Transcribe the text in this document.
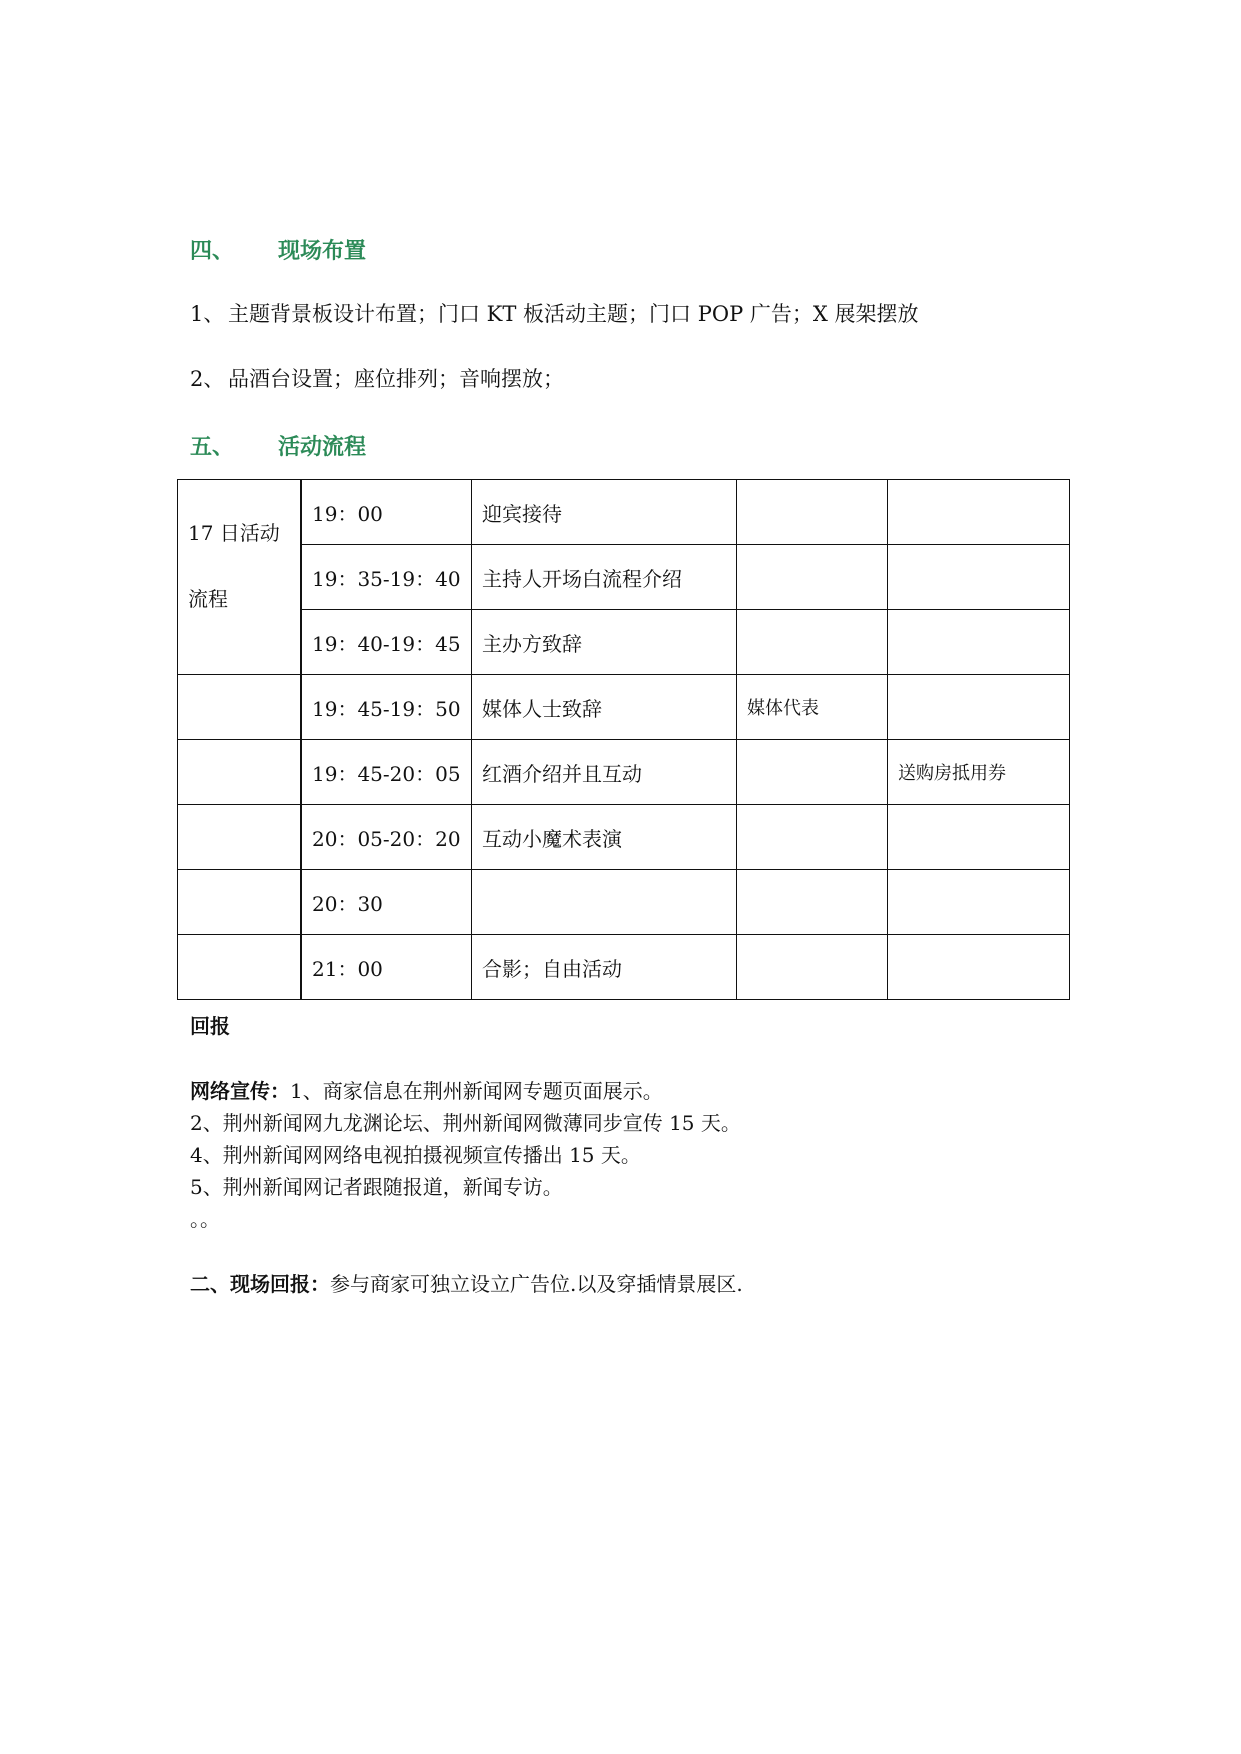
四、 现场布置
1、 主题背景板设计布置；门口 KT 板活动主题；门口 POP 广告；X 展架摆放
2、 品酒台设置；座位排列；音响摆放；
五、 活动流程
17 日活动流程	19：00	迎宾接待		
	19：35-19：40	主持人开场白流程介绍		
	19：40-19：45	主办方致辞		
	19：45-19：50	媒体人士致辞	媒体代表	
	19：45-20：05	红酒介绍并且互动		送购房抵用券
	20：05-20：20	互动小魔术表演		
	20：30			
	21：00	合影；自由活动		
回报
网络宣传：1、商家信息在荆州新闻网专题页面展示。
2、荆州新闻网九龙渊论坛、荆州新闻网微薄同步宣传 15 天。
4、荆州新闻网网络电视拍摄视频宣传播出 15 天。
5、荆州新闻网记者跟随报道，新闻专访。
。。
二、现场回报：参与商家可独立设立广告位.以及穿插情景展区.
